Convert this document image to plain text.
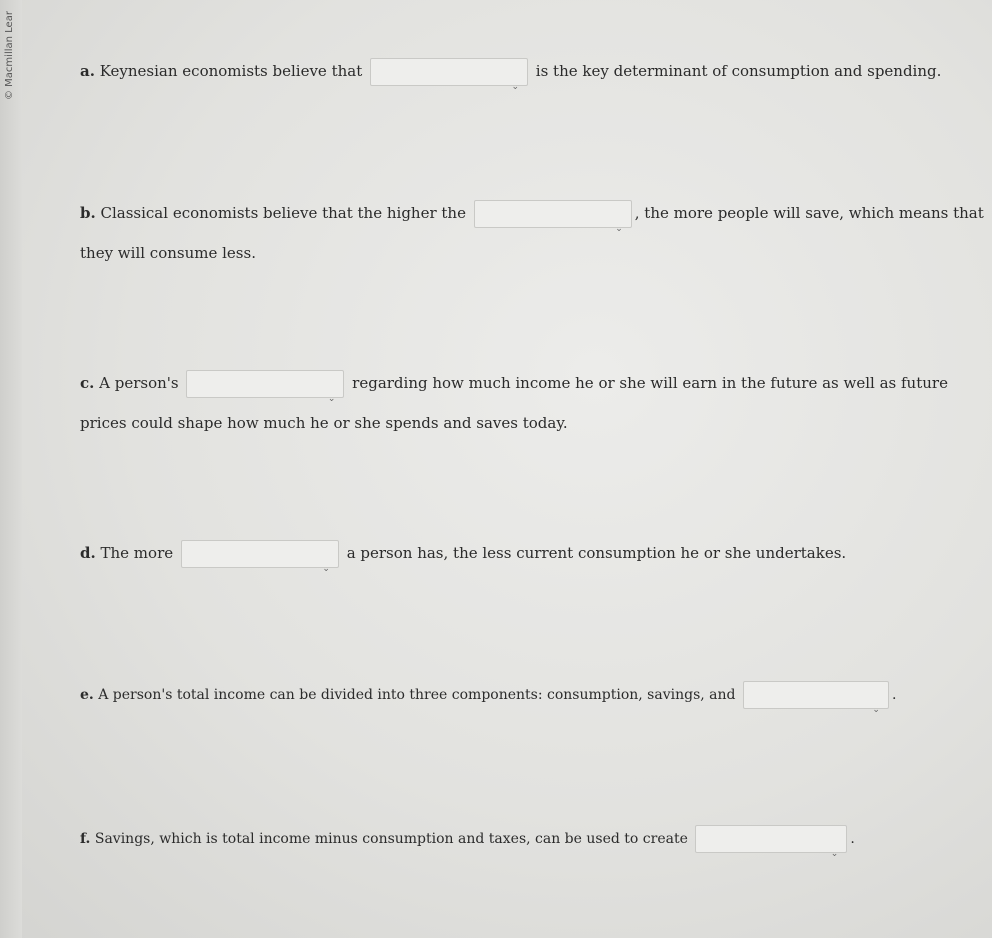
© Macmillan Lear	a. Keynesian economists believe that
⌄
is the key determinant of consumption and spending.
b. Classical economists believe that the higher the
⌄
, the more people will save, which means that
they will consume less.
c. A person's
⌄
regarding how much income he or she will earn in the future as well as future
prices could shape how much he or she spends and saves today.
d. The more
⌄
a person has, the less current consumption he or she undertakes.
e. A person's total income can be divided into three components: consumption, savings, and
⌄
.
f. Savings, which is total income minus consumption and taxes, can be used to create
⌄
.
